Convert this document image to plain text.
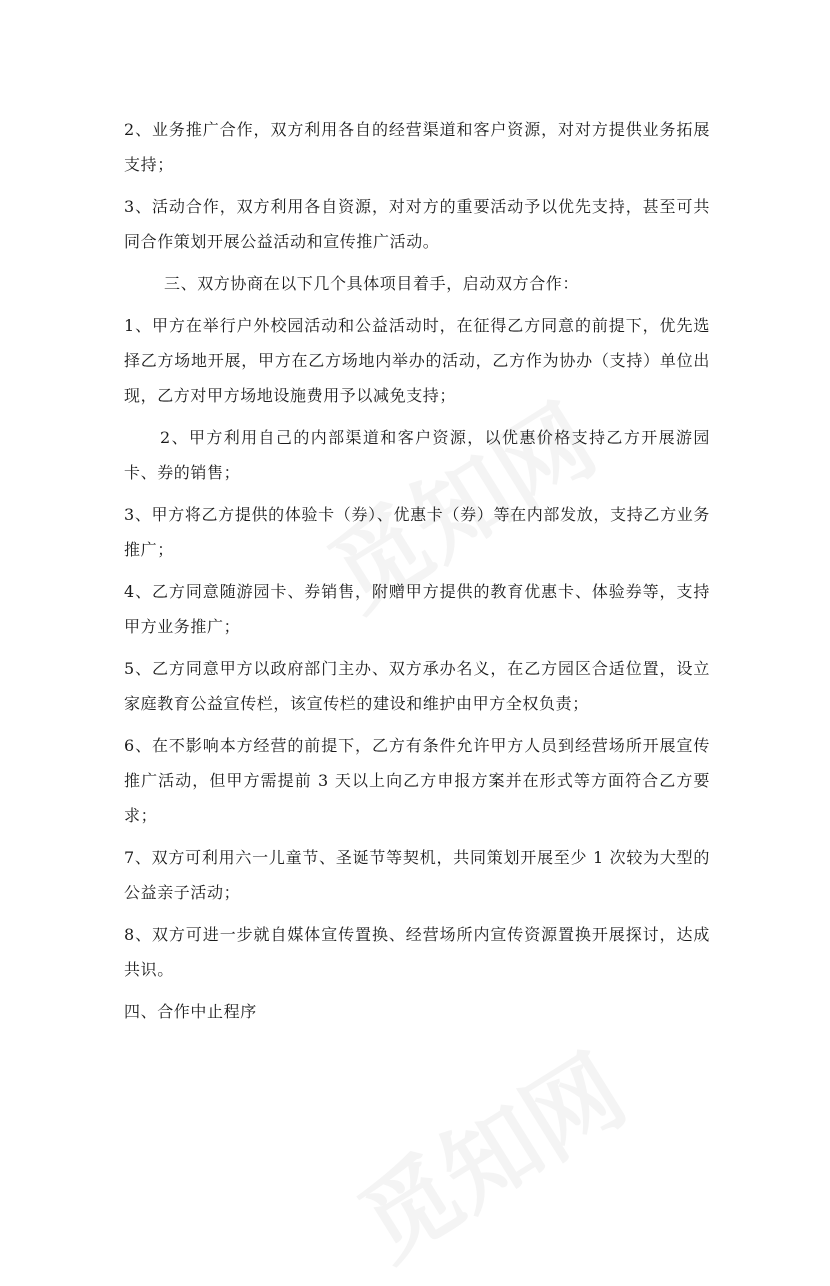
2、业务推广合作，双方利用各自的经营渠道和客户资源，对对方提供业务拓展支持；

3、活动合作，双方利用各自资源，对对方的重要活动予以优先支持，甚至可共同合作策划开展公益活动和宣传推广活动。

三、双方协商在以下几个具体项目着手，启动双方合作：

1、甲方在举行户外校园活动和公益活动时，在征得乙方同意的前提下，优先选择乙方场地开展，甲方在乙方场地内举办的活动，乙方作为协办（支持）单位出现，乙方对甲方场地设施费用予以减免支持；

2、甲方利用自己的内部渠道和客户资源，以优惠价格支持乙方开展游园卡、券的销售；

3、甲方将乙方提供的体验卡（券）、优惠卡（券）等在内部发放，支持乙方业务推广；

4、乙方同意随游园卡、券销售，附赠甲方提供的教育优惠卡、体验券等，支持甲方业务推广；

5、乙方同意甲方以政府部门主办、双方承办名义，在乙方园区合适位置，设立家庭教育公益宣传栏，该宣传栏的建设和维护由甲方全权负责；

6、在不影响本方经营的前提下，乙方有条件允许甲方人员到经营场所开展宣传推广活动，但甲方需提前 3 天以上向乙方申报方案并在形式等方面符合乙方要求；

7、双方可利用六一儿童节、圣诞节等契机，共同策划开展至少 1 次较为大型的公益亲子活动；

8、双方可进一步就自媒体宣传置换、经营场所内宣传资源置换开展探讨，达成共识。

四、合作中止程序
